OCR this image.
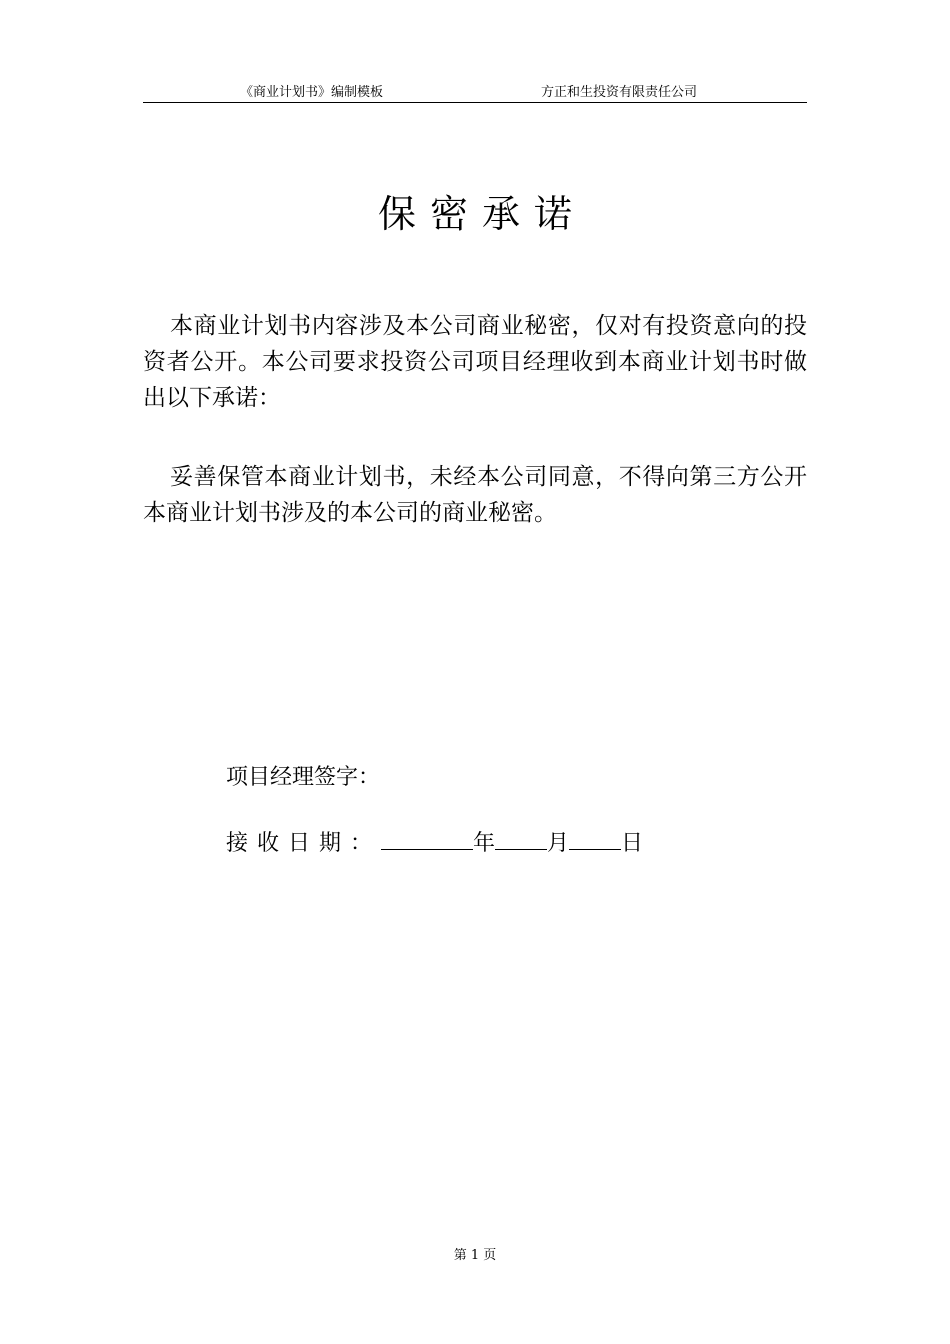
《商业计划书》编制模板	方正和生投资有限责任公司
保密承诺

本商业计划书内容涉及本公司商业秘密，仅对有投资意向的投资者公开。本公司要求投资公司项目经理收到本商业计划书时做出以下承诺：

妥善保管本商业计划书，未经本公司同意，不得向第三方公开本商业计划书涉及的本公司的商业秘密。

项目经理签字：
接收日期：	年 月 日
第 1 页
